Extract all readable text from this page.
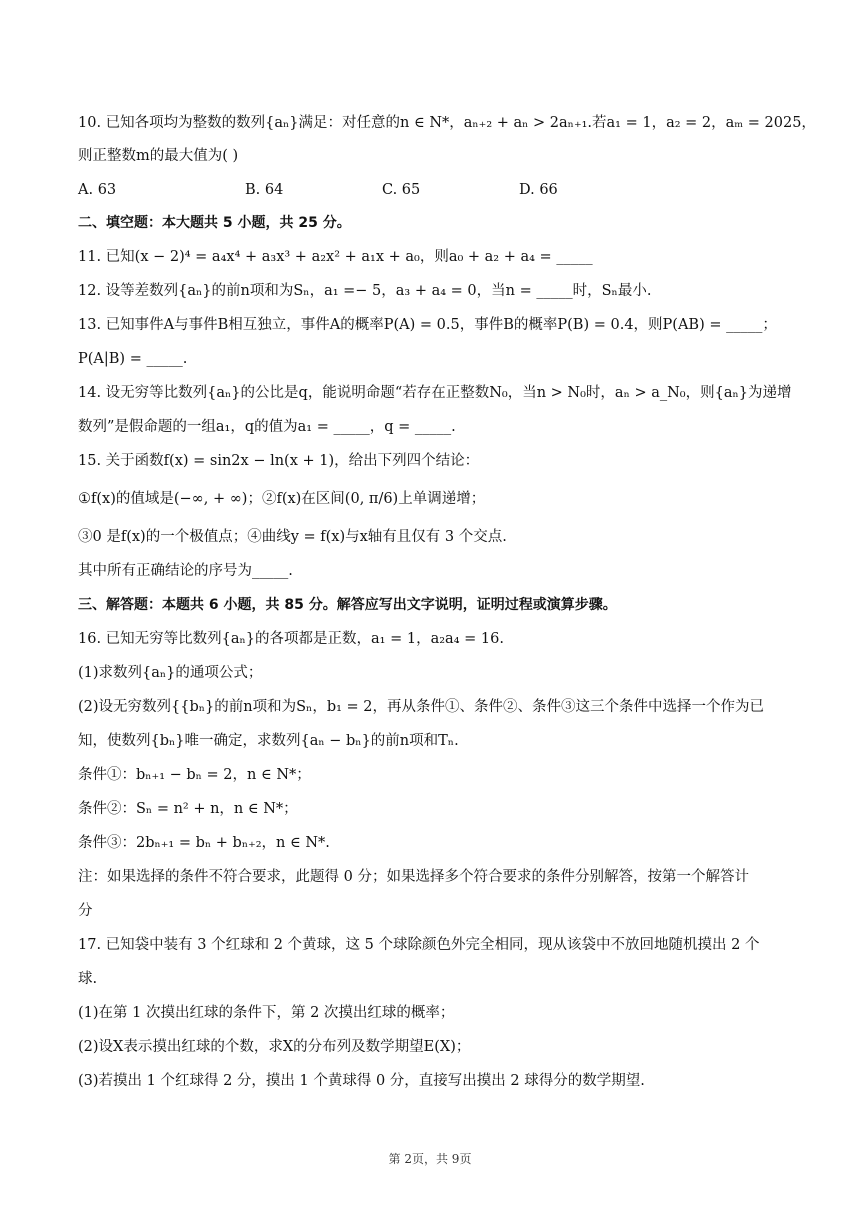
10. 已知各项均为整数的数列{aₙ}满足：对任意的n ∈ N*，aₙ₊₂ + aₙ > 2aₙ₊₁.若a₁ = 1，a₂ = 2，aₘ = 2025，
则正整数m的最大值为( )
A. 63	B. 64	C. 65	D. 66
二、填空题：本大题共 5 小题，共 25 分。
11. 已知(x − 2)⁴ = a₄x⁴ + a₃x³ + a₂x² + a₁x + a₀，则a₀ + a₂ + a₄ = _____
12. 设等差数列{aₙ}的前n项和为Sₙ，a₁ =− 5，a₃ + a₄ = 0，当n = _____时，Sₙ最小.
13. 已知事件A与事件B相互独立，事件A的概率P(A) = 0.5，事件B的概率P(B) = 0.4，则P(AB) = _____；
P(A|B) = _____.
14. 设无穷等比数列{aₙ}的公比是q，能说明命题“若存在正整数N₀，当n > N₀时，aₙ > a_N₀，则{aₙ}为递增
数列”是假命题的一组a₁，q的值为a₁ = _____，q = _____.
15. 关于函数f(x) = sin2x − ln(x + 1)，给出下列四个结论：
①f(x)的值域是(−∞, + ∞)；②f(x)在区间(0, π/6)上单调递增；
③0 是f(x)的一个极值点；④曲线y = f(x)与x轴有且仅有 3 个交点.
其中所有正确结论的序号为_____.
三、解答题：本题共 6 小题，共 85 分。解答应写出文字说明，证明过程或演算步骤。
16. 已知无穷等比数列{aₙ}的各项都是正数，a₁ = 1，a₂a₄ = 16.
(1)求数列{aₙ}的通项公式；
(2)设无穷数列{{bₙ}的前n项和为Sₙ，b₁ = 2，再从条件①、条件②、条件③这三个条件中选择一个作为已
知，使数列{bₙ}唯一确定，求数列{aₙ − bₙ}的前n项和Tₙ.
条件①：bₙ₊₁ − bₙ = 2，n ∈ N*；
条件②：Sₙ = n² + n，n ∈ N*；
条件③：2bₙ₊₁ = bₙ + bₙ₊₂，n ∈ N*.
注：如果选择的条件不符合要求，此题得 0 分；如果选择多个符合要求的条件分别解答，按第一个解答计
分
17. 已知袋中装有 3 个红球和 2 个黄球，这 5 个球除颜色外完全相同，现从该袋中不放回地随机摸出 2 个
球.
(1)在第 1 次摸出红球的条件下，第 2 次摸出红球的概率；
(2)设X表示摸出红球的个数，求X的分布列及数学期望E(X)；
(3)若摸出 1 个红球得 2 分，摸出 1 个黄球得 0 分，直接写出摸出 2 球得分的数学期望.
第 2页，共 9页
